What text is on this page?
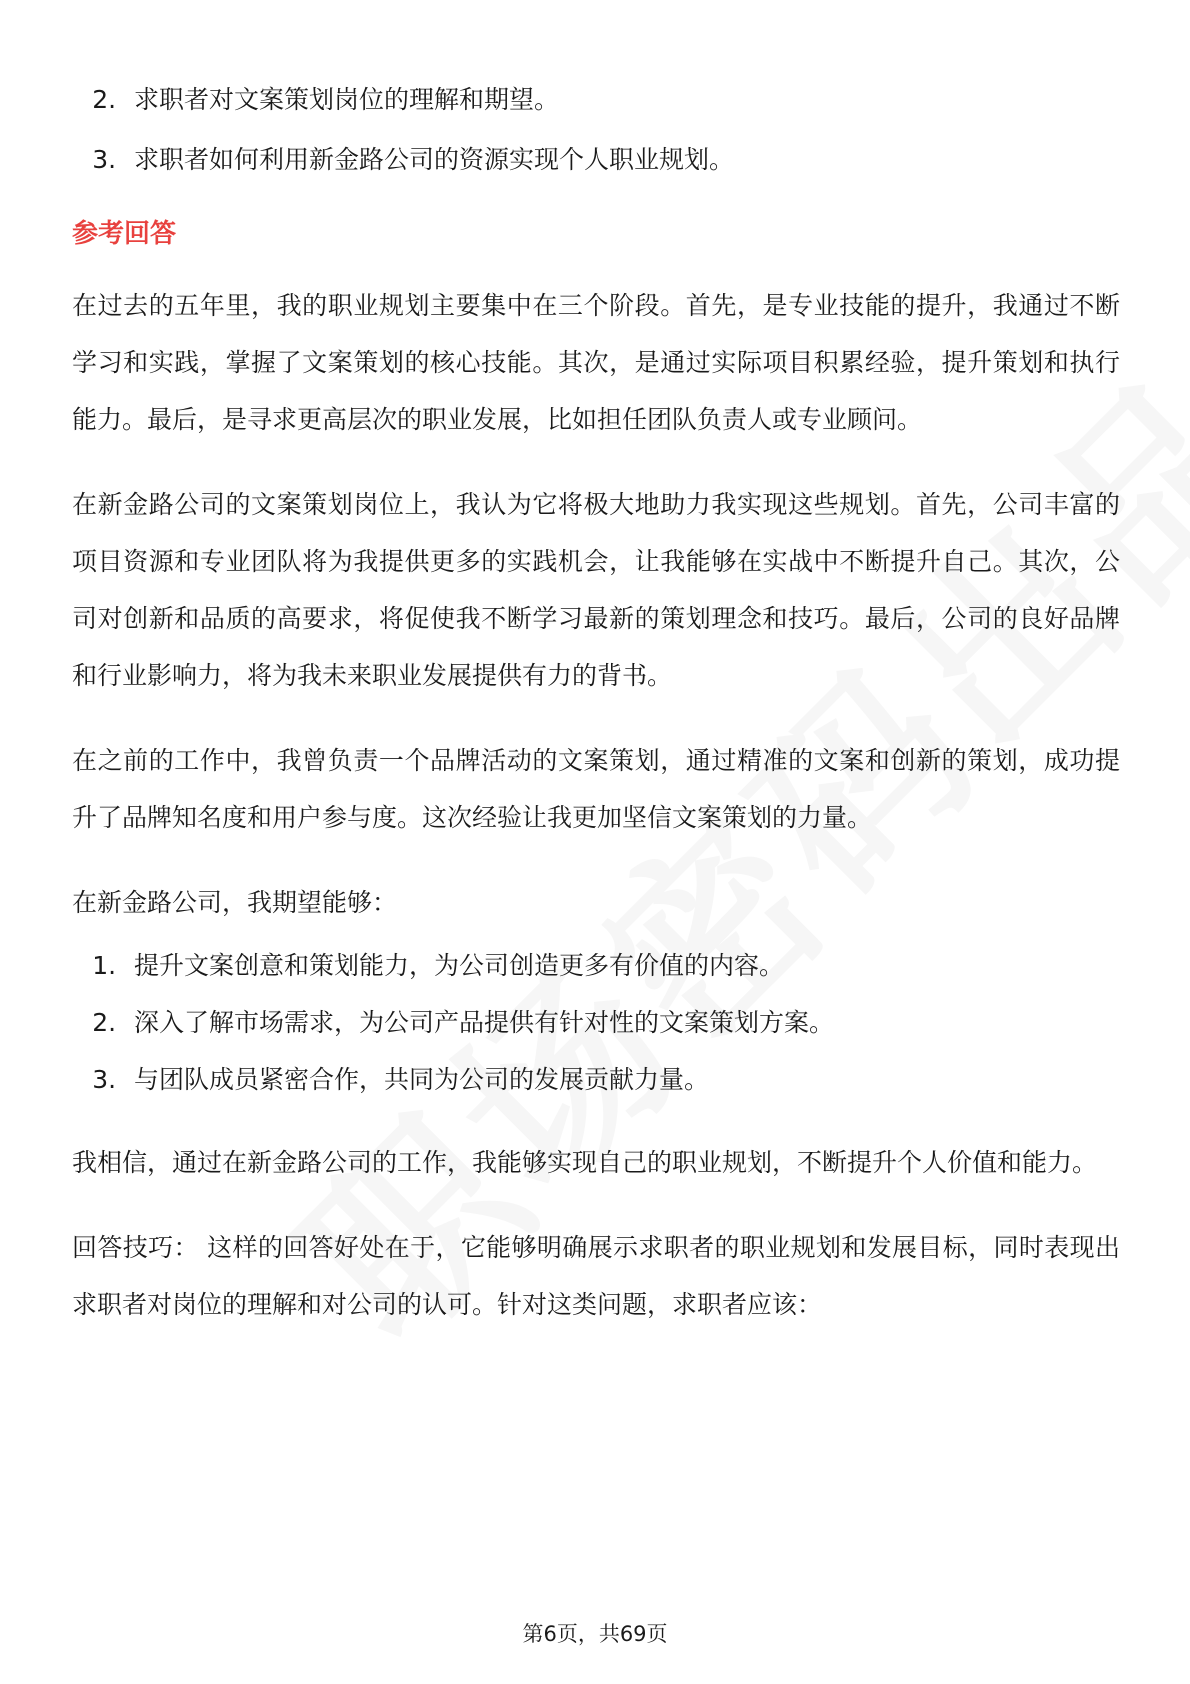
2. 求职者对文案策划岗位的理解和期望。
3. 求职者如何利用新金路公司的资源实现个人职业规划。
参考回答

在过去的五年里，我的职业规划主要集中在三个阶段。首先，是专业技能的提升，我通过不断学习和实践，掌握了文案策划的核心技能。其次，是通过实际项目积累经验，提升策划和执行能力。最后，是寻求更高层次的职业发展，比如担任团队负责人或专业顾问。

在新金路公司的文案策划岗位上，我认为它将极大地助力我实现这些规划。首先，公司丰富的项目资源和专业团队将为我提供更多的实践机会，让我能够在实战中不断提升自己。其次，公司对创新和品质的高要求，将促使我不断学习最新的策划理念和技巧。最后，公司的良好品牌和行业影响力，将为我未来职业发展提供有力的背书。

在之前的工作中，我曾负责一个品牌活动的文案策划，通过精准的文案和创新的策划，成功提升了品牌知名度和用户参与度。这次经验让我更加坚信文案策划的力量。

在新金路公司，我期望能够：

1. 提升文案创意和策划能力，为公司创造更多有价值的内容。
2. 深入了解市场需求，为公司产品提供有针对性的文案策划方案。
3. 与团队成员紧密合作，共同为公司的发展贡献力量。

我相信，通过在新金路公司的工作，我能够实现自己的职业规划，不断提升个人价值和能力。

回答技巧： 这样的回答好处在于，它能够明确展示求职者的职业规划和发展目标，同时表现出求职者对岗位的理解和对公司的认可。针对这类问题，求职者应该：

第6页，共69页
